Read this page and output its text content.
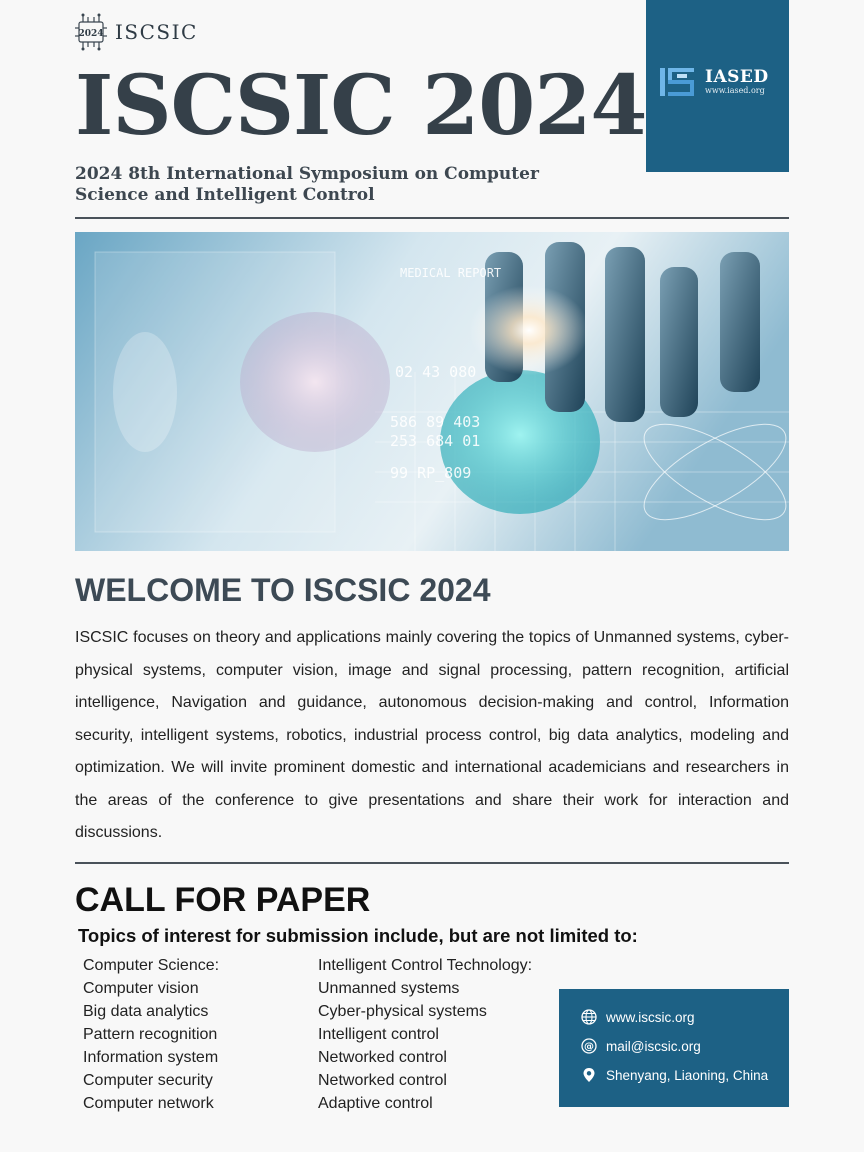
2024 ISCSIC
ISCSIC 2024

2024 8th International Symposium on Computer Science and Intelligent Control

IASED
www.iased.org
MEDICAL REPORT
02 43 080
586 89 403
253 684 01
99 RP_809
WELCOME TO ISCSIC 2024

ISCSIC focuses on theory and applications mainly covering the topics of Unmanned systems, cyber-physical systems, computer vision, image and signal processing, pattern recognition, artificial intelligence, Navigation and guidance, autonomous decision-making and control, Information security, intelligent systems, robotics, industrial process control, big data analytics, modeling and optimization. We will invite prominent domestic and international academicians and researchers in the areas of the conference to give presentations and share their work for interaction and discussions.

CALL FOR PAPER

Topics of interest for submission include, but are not limited to:

Computer Science:
Computer vision
Big data analytics
Pattern recognition
Information system
Computer security
Computer network
Intelligent Control Technology:
Unmanned systems
Cyber-physical systems
Intelligent control
Networked control
Networked control
Adaptive control
www.iscsic.org
@ mail@iscsic.org
Shenyang, Liaoning, China
